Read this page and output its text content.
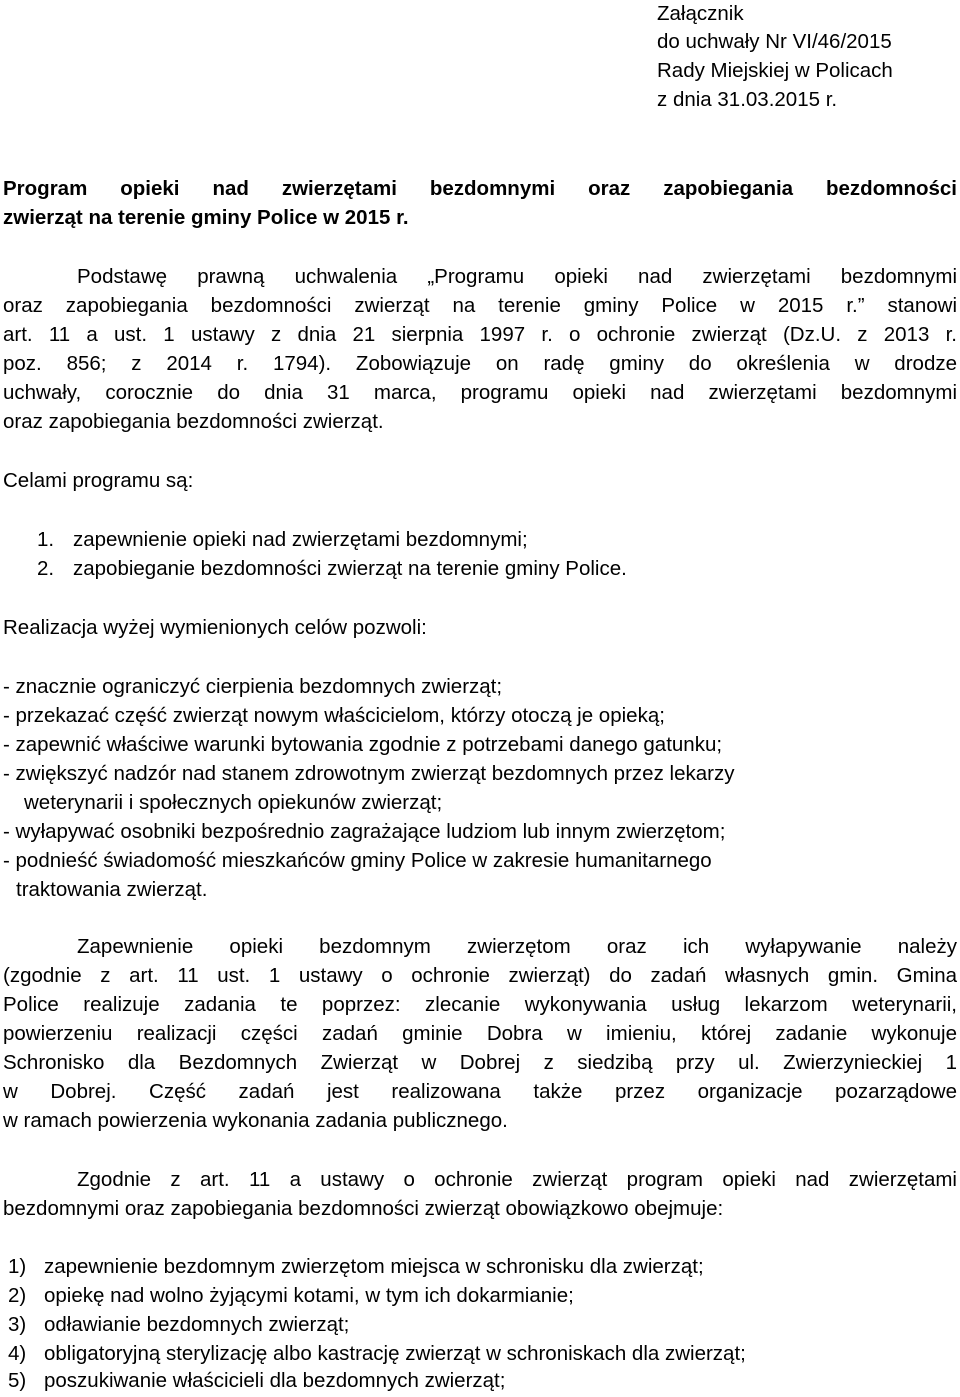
Załącznik
do uchwały Nr VI/46/2015
Rady Miejskiej w Policach
z dnia 31.03.2015 r.
Program opieki nad zwierzętami bezdomnymi oraz zapobiegania bezdomności
zwierząt na terenie gminy Police w 2015 r.
Podstawę prawną uchwalenia „Programu opieki nad zwierzętami bezdomnymi
oraz zapobiegania bezdomności zwierząt na terenie gminy Police w 2015 r.” stanowi
art. 11 a ust. 1 ustawy z dnia 21 sierpnia 1997 r. o ochronie zwierząt (Dz.U. z 2013 r.
poz. 856; z 2014 r. 1794). Zobowiązuje on radę gminy do określenia w drodze
uchwały, corocznie do dnia 31 marca, programu opieki nad zwierzętami bezdomnymi
oraz zapobiegania bezdomności zwierząt.
Celami programu są:
1. zapewnienie opieki nad zwierzętami bezdomnymi;
2. zapobieganie bezdomności zwierząt na terenie gminy Police.
Realizacja wyżej wymienionych celów pozwoli:
- znacznie ograniczyć cierpienia bezdomnych zwierząt;
- przekazać część zwierząt nowym właścicielom, którzy otoczą je opieką;
- zapewnić właściwe warunki bytowania zgodnie z potrzebami danego gatunku;
- zwiększyć nadzór nad stanem zdrowotnym zwierząt bezdomnych przez lekarzy
weterynarii i społecznych opiekunów zwierząt;
- wyłapywać osobniki bezpośrednio zagrażające ludziom lub innym zwierzętom;
- podnieść świadomość mieszkańców gminy Police w zakresie humanitarnego
traktowania zwierząt.
Zapewnienie opieki bezdomnym zwierzętom oraz ich wyłapywanie należy
(zgodnie z art. 11 ust. 1 ustawy o ochronie zwierząt) do zadań własnych gmin. Gmina
Police realizuje zadania te poprzez: zlecanie wykonywania usług lekarzom weterynarii,
powierzeniu realizacji części zadań gminie Dobra w imieniu, której zadanie wykonuje
Schronisko dla Bezdomnych Zwierząt w Dobrej z siedzibą przy ul. Zwierzynieckiej 1
w Dobrej. Część zadań jest realizowana także przez organizacje pozarządowe
w ramach powierzenia wykonania zadania publicznego.
Zgodnie z art. 11 a ustawy o ochronie zwierząt program opieki nad zwierzętami
bezdomnymi oraz zapobiegania bezdomności zwierząt obowiązkowo obejmuje:
1) zapewnienie bezdomnym zwierzętom miejsca w schronisku dla zwierząt;
2) opiekę nad wolno żyjącymi kotami, w tym ich dokarmianie;
3) odławianie bezdomnych zwierząt;
4) obligatoryjną sterylizację albo kastrację zwierząt w schroniskach dla zwierząt;
5) poszukiwanie właścicieli dla bezdomnych zwierząt;
